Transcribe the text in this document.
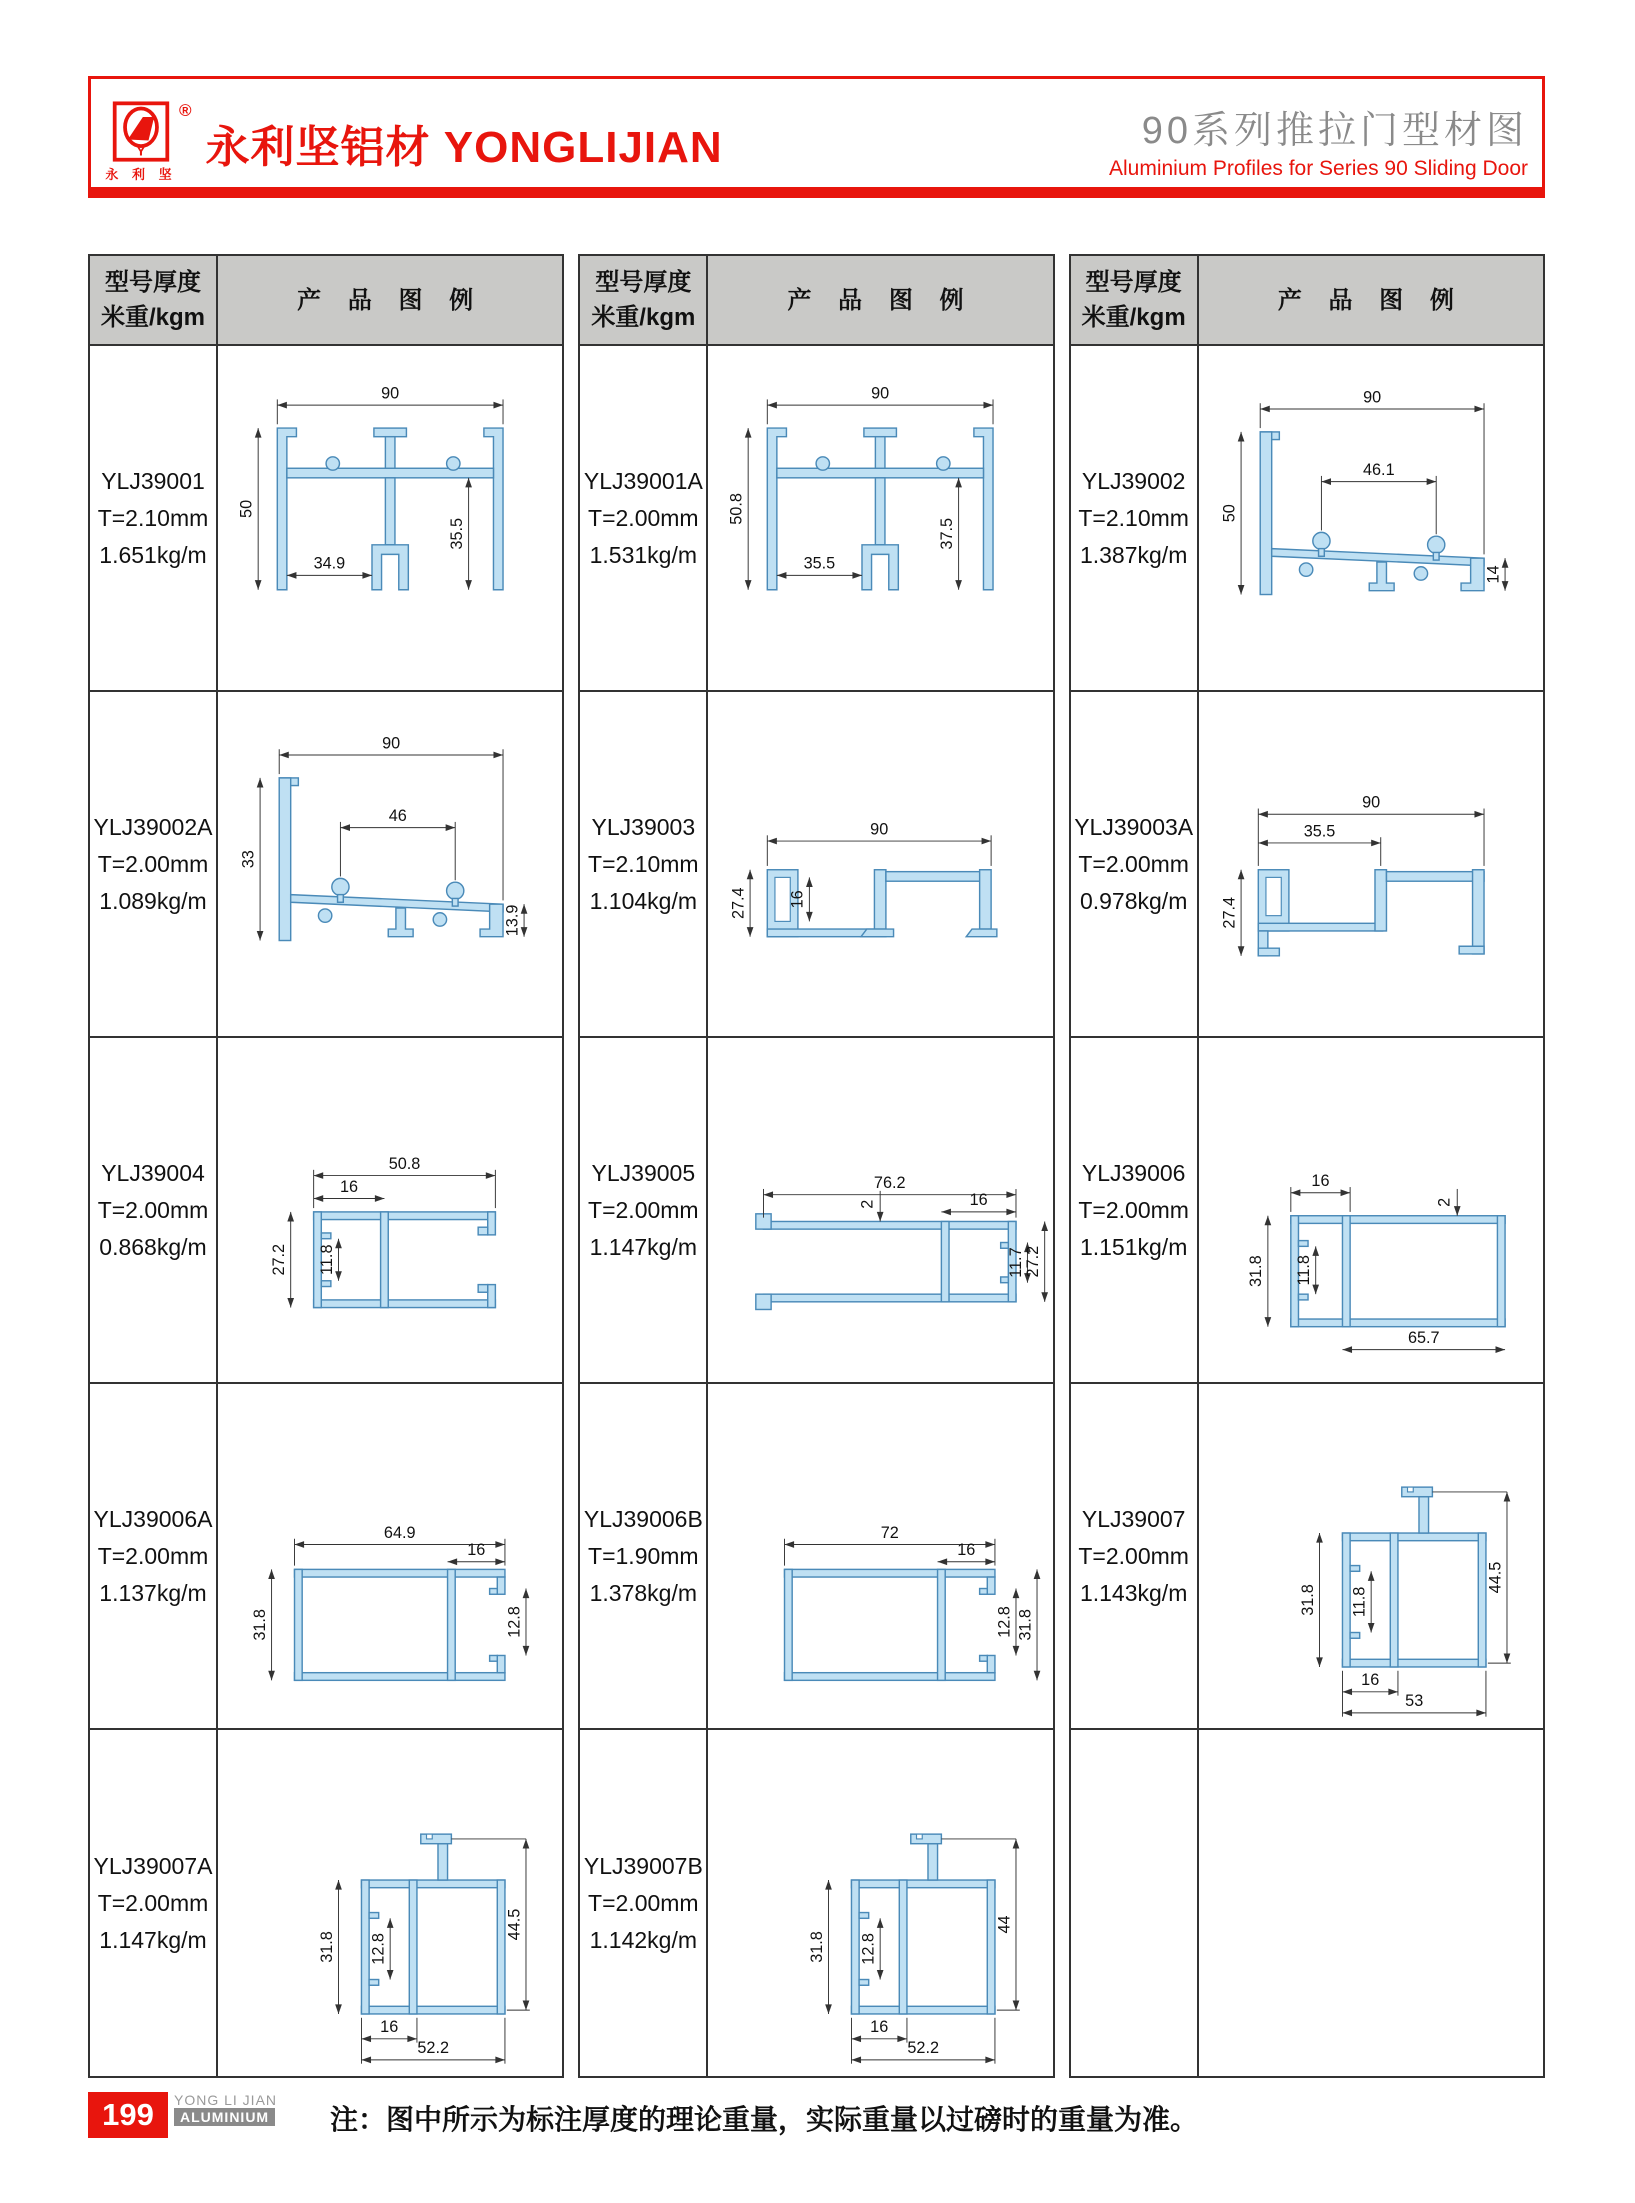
Y
永 利 坚
®
永利坚铝材 YONGLIJIAN	90系列推拉门型材图
Aluminium Profiles for Series 90 Sliding Door
型号厚度
米重/kgm
产 品 图 例
YLJ39001
T=2.10mm
1.651kg/m
90
50
34.9
35.5
YLJ39002A
T=2.00mm
1.089kg/m
90
46
33
13.9
YLJ39004
T=2.00mm
0.868kg/m
50.8
16
27.2 11.8
YLJ39006A
T=2.00mm
1.137kg/m
64.9
16
12.8
31.8
YLJ39007A
T=2.00mm
1.147kg/m	31.8 12.8
44.5
16
52.2
型号厚度
米重/kgm
产 品 图 例
YLJ39001A
T=2.00mm
1.531kg/m
90
50.8
35.5
37.5
YLJ39003
T=2.10mm
1.104kg/m
90
16
27.4
YLJ39005
T=2.00mm
1.147kg/m
76.2
16
2
11.7 27.2
YLJ39006B
T=1.90mm
1.378kg/m
72
16
12.8 31.8
YLJ39007B
T=2.00mm
1.142kg/m	31.8 12.8
44
16
52.2
型号厚度
米重/kgm
产 品 图 例
YLJ39002
T=2.10mm
1.387kg/m
90
46.1
50
14
YLJ39003A
T=2.00mm
0.978kg/m
90
35.5
27.4
YLJ39006
T=2.00mm
1.151kg/m
16
31.8 11.8
2
65.7
YLJ39007
T=2.00mm
1.143kg/m	31.8 11.8
44.5
16
53
199	YONG LI JIAN
ALUMINIUM 注：图中所示为标注厚度的理论重量，实际重量以过磅时的重量为准。
